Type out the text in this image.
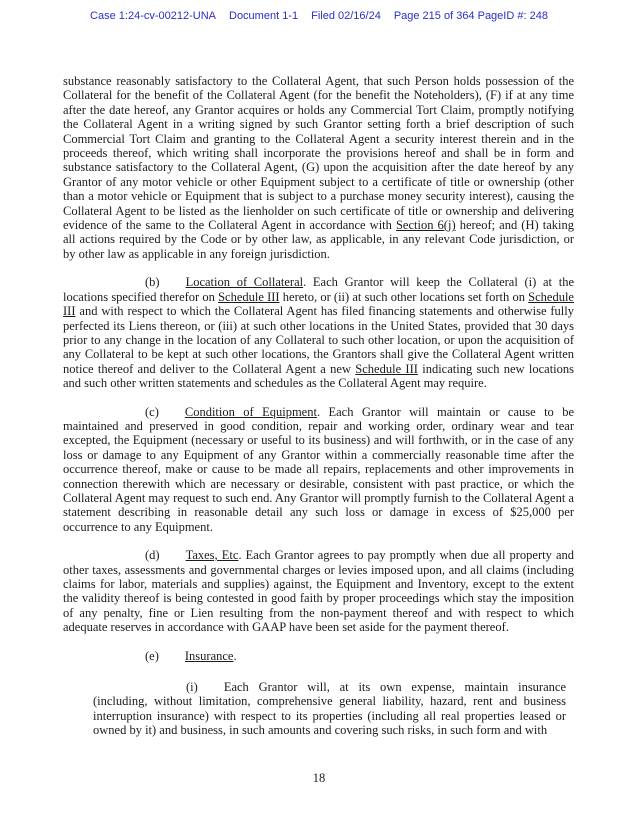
Case 1:24-cv-00212-UNA Document 1-1 Filed 02/16/24 Page 215 of 364 PageID #: 248

substance reasonably satisfactory to the Collateral Agent, that such Person holds possession of the Collateral for the benefit of the Collateral Agent (for the benefit the Noteholders), (F) if at any time after the date hereof, any Grantor acquires or holds any Commercial Tort Claim, promptly notifying the Collateral Agent in a writing signed by such Grantor setting forth a brief description of such Commercial Tort Claim and granting to the Collateral Agent a security interest therein and in the proceeds thereof, which writing shall incorporate the provisions hereof and shall be in form and substance satisfactory to the Collateral Agent, (G) upon the acquisition after the date hereof by any Grantor of any motor vehicle or other Equipment subject to a certificate of title or ownership (other than a motor vehicle or Equipment that is subject to a purchase money security interest), causing the Collateral Agent to be listed as the lienholder on such certificate of title or ownership and delivering evidence of the same to the Collateral Agent in accordance with Section 6(j) hereof; and (H) taking all actions required by the Code or by other law, as applicable, in any relevant Code jurisdiction, or by other law as applicable in any foreign jurisdiction.

(b) Location of Collateral. Each Grantor will keep the Collateral (i) at the locations specified therefor on Schedule III hereto, or (ii) at such other locations set forth on Schedule III and with respect to which the Collateral Agent has filed financing statements and otherwise fully perfected its Liens thereon, or (iii) at such other locations in the United States, provided that 30 days prior to any change in the location of any Collateral to such other location, or upon the acquisition of any Collateral to be kept at such other locations, the Grantors shall give the Collateral Agent written notice thereof and deliver to the Collateral Agent a new Schedule III indicating such new locations and such other written statements and schedules as the Collateral Agent may require.

(c) Condition of Equipment. Each Grantor will maintain or cause to be maintained and preserved in good condition, repair and working order, ordinary wear and tear excepted, the Equipment (necessary or useful to its business) and will forthwith, or in the case of any loss or damage to any Equipment of any Grantor within a commercially reasonable time after the occurrence thereof, make or cause to be made all repairs, replacements and other improvements in connection therewith which are necessary or desirable, consistent with past practice, or which the Collateral Agent may request to such end. Any Grantor will promptly furnish to the Collateral Agent a statement describing in reasonable detail any such loss or damage in excess of $25,000 per occurrence to any Equipment.

(d) Taxes, Etc. Each Grantor agrees to pay promptly when due all property and other taxes, assessments and governmental charges or levies imposed upon, and all claims (including claims for labor, materials and supplies) against, the Equipment and Inventory, except to the extent the validity thereof is being contested in good faith by proper proceedings which stay the imposition of any penalty, fine or Lien resulting from the non-payment thereof and with respect to which adequate reserves in accordance with GAAP have been set aside for the payment thereof.

(e) Insurance.

(i) Each Grantor will, at its own expense, maintain insurance (including, without limitation, comprehensive general liability, hazard, rent and business interruption insurance) with respect to its properties (including all real properties leased or owned by it) and business, in such amounts and covering such risks, in such form and with

18
